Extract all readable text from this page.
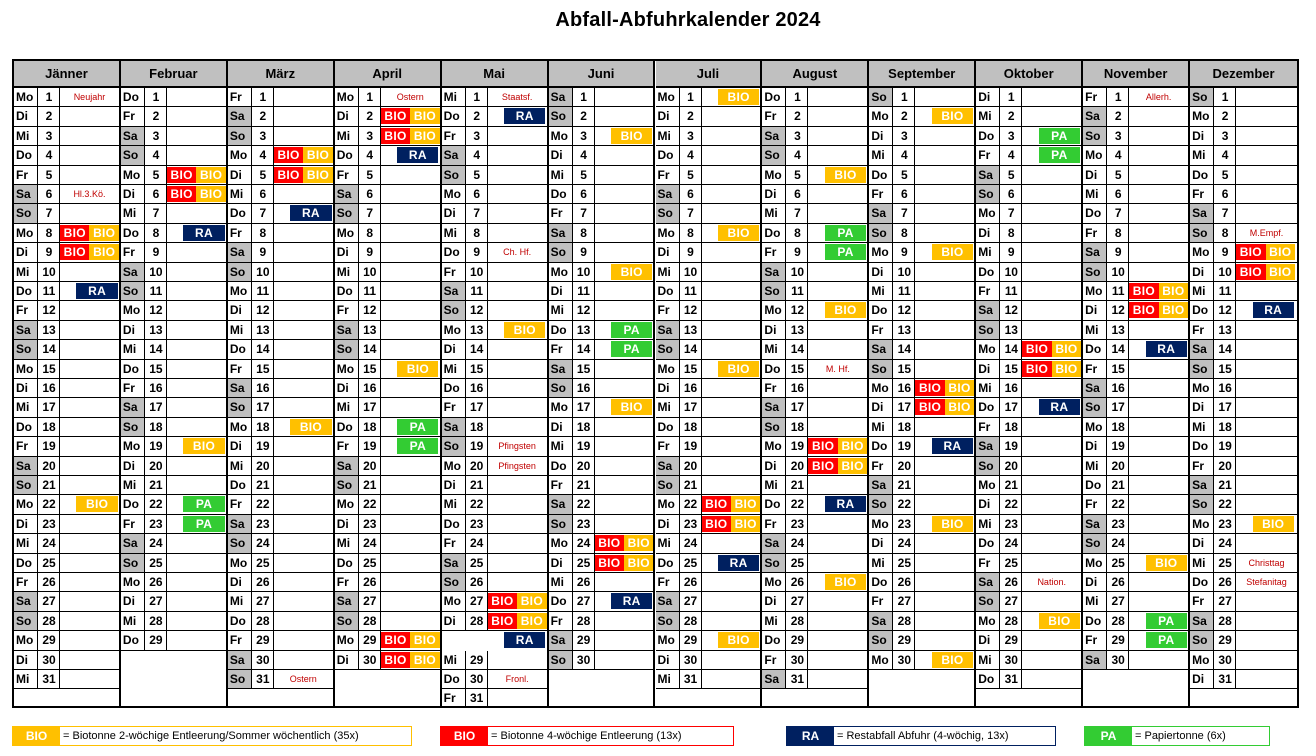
Abfall-Abfuhrkalender 2024
Jänner
Mo	1	Neujahr
Di	2
Mi	3
Do	4
Fr	5
Sa	6	Hl.3.Kö.
So	7
Mo	8 BIO BIO
Di	9 BIO BIO
Mi	10
Do 11	RA
Fr	12
Sa 13
So 14
Mo 15
Di	16
Mi	17
Do 18
Fr	19
Sa 20
So 21
Mo 22	BIO
Di	23
Mi	24
Do 25
Fr	26
Sa 27
So 28
Mo 29
Di	30
Mi	31
Februar
Do	1
Fr	2
Sa	3
So	4
Mo	5 BIO BIO
Di	6 BIO BIO
Mi	7
Do	8	RA
Fr	9
Sa 10
So 11
Mo 12
Di	13
Mi	14
Do 15
Fr	16
Sa 17
So 18
Mo 19	BIO
Di	20
Mi	21
Do 22	PA
Fr	23	PA
Sa 24
So 25
Mo 26
Di	27
Mi	28
Do 29
März
Fr	1
Sa	2
So	3
Mo	4 BIO BIO
Di	5 BIO BIO
Mi	6
Do	7	RA
Fr	8
Sa	9
So 10
Mo 11
Di	12
Mi	13
Do 14
Fr	15
Sa 16
So 17
Mo 18	BIO
Di	19
Mi	20
Do 21
Fr	22
Sa 23
So 24
Mo 25
Di	26
Mi	27
Do 28
Fr	29
Sa 30
So 31	Ostern
April
Mo	1	Ostern
Di	2 BIO BIO
Mi	3 BIO BIO
Do	4	RA
Fr	5
Sa	6
So	7
Mo	8
Di	9
Mi	10
Do 11
Fr	12
Sa 13
So 14
Mo 15	BIO
Di	16
Mi	17
Do 18	PA
Fr	19	PA
Sa 20
So 21
Mo 22
Di	23
Mi	24
Do 25
Fr	26
Sa 27
So 28
Mo 29 BIO BIO
Di	30 BIO BIO
Mai
Mi	1	Staatsf.
Do	2	RA
Fr	3
Sa	4
So	5
Mo	6
Di	7
Mi	8
Do	9	Ch. Hf.
Fr	10
Sa 11
So 12
Mo 13	BIO
Di	14
Mi	15
Do 16
Fr	17
Sa 18
So 19	Pfingsten
Mo 20	Pfingsten
Di	21
Mi	22
Do 23
Fr	24
Sa 25
So 26
Mo 27 BIO BIO
Di	28 BIO BIO
RA
Mi	29
Do 30	Fronl.
Fr	31
Juni
Sa	1
So	2
Mo	3	BIO
Di	4
Mi	5
Do	6
Fr	7
Sa	8
So	9
Mo 10	BIO
Di	11
Mi	12
Do 13	PA
Fr	14	PA
Sa 15
So 16
Mo 17	BIO
Di	18
Mi	19
Do 20
Fr	21
Sa 22
So 23
Mo 24 BIO BIO
Di	25 BIO BIO
Mi	26
Do 27	RA
Fr	28
Sa 29
So 30
Juli
Mo	1	BIO
Di	2
Mi	3
Do	4
Fr	5
Sa	6
So	7
Mo	8	BIO
Di	9
Mi	10
Do 11
Fr	12
Sa 13
So 14
Mo 15	BIO
Di	16
Mi	17
Do 18
Fr	19
Sa 20
So 21
Mo 22 BIO BIO
Di	23 BIO BIO
Mi	24
Do 25	RA
Fr	26
Sa 27
So 28
Mo 29	BIO
Di	30
Mi	31
August
Do	1
Fr	2
Sa	3
So	4
Mo	5	BIO
Di	6
Mi	7
Do	8	PA
Fr	9	PA
Sa 10
So 11
Mo 12	BIO
Di	13
Mi	14
Do 15	M. Hf.
Fr	16
Sa 17
So 18
Mo 19 BIO BIO
Di	20 BIO BIO
Mi	21
Do 22	RA
Fr	23
Sa 24
So 25
Mo 26	BIO
Di	27
Mi	28
Do 29
Fr	30
Sa 31
September
So	1
Mo	2	BIO
Di	3
Mi	4
Do	5
Fr	6
Sa	7
So	8
Mo	9	BIO
Di	10
Mi	11
Do 12
Fr	13
Sa 14
So 15
Mo 16 BIO BIO
Di	17 BIO BIO
Mi	18
Do 19	RA
Fr	20
Sa 21
So 22
Mo 23	BIO
Di	24
Mi	25
Do 26
Fr	27
Sa 28
So 29
Mo 30	BIO
Oktober
Di	1
Mi	2
Do	3	PA
Fr	4	PA
Sa	5
So	6
Mo	7
Di	8
Mi	9
Do 10
Fr	11
Sa 12
So 13
Mo 14 BIO BIO
Di	15 BIO BIO
Mi	16
Do 17	RA
Fr	18
Sa 19
So 20
Mo 21
Di	22
Mi	23
Do 24
Fr	25
Sa 26	Nation.
So 27
Mo 28	BIO
Di	29
Mi	30
Do 31
November
Fr	1	Allerh.
Sa	2
So	3
Mo	4
Di	5
Mi	6
Do	7
Fr	8
Sa	9
So 10
Mo 11 BIO BIO
Di	12 BIO BIO
Mi	13
Do 14	RA
Fr	15
Sa 16
So 17
Mo 18
Di	19
Mi	20
Do 21
Fr	22
Sa 23
So 24
Mo 25	BIO
Di	26
Mi	27
Do 28	PA
Fr	29	PA
Sa 30
Dezember
So	1
Mo	2
Di	3
Mi	4
Do	5
Fr	6
Sa	7
So	8	M.Empf.
Mo	9 BIO BIO
Di	10 BIO BIO
Mi	11
Do 12	RA
Fr	13
Sa 14
So 15
Mo 16
Di	17
Mi	18
Do 19
Fr	20
Sa 21
So 22
Mo 23	BIO
Di	24
Mi	25	Christtag
Do 26	Stefanitag
Fr	27
Sa 28
So 29
Mo 30
Di	31
BIO	= Biotonne 2-wöchige Entleerung/Sommer wöchentlich (35x)	BIO	= Biotonne 4-wöchige Entleerung (13x)	RA	= Restabfall Abfuhr (4-wöchig, 13x)	PA	= Papiertonne (6x)
